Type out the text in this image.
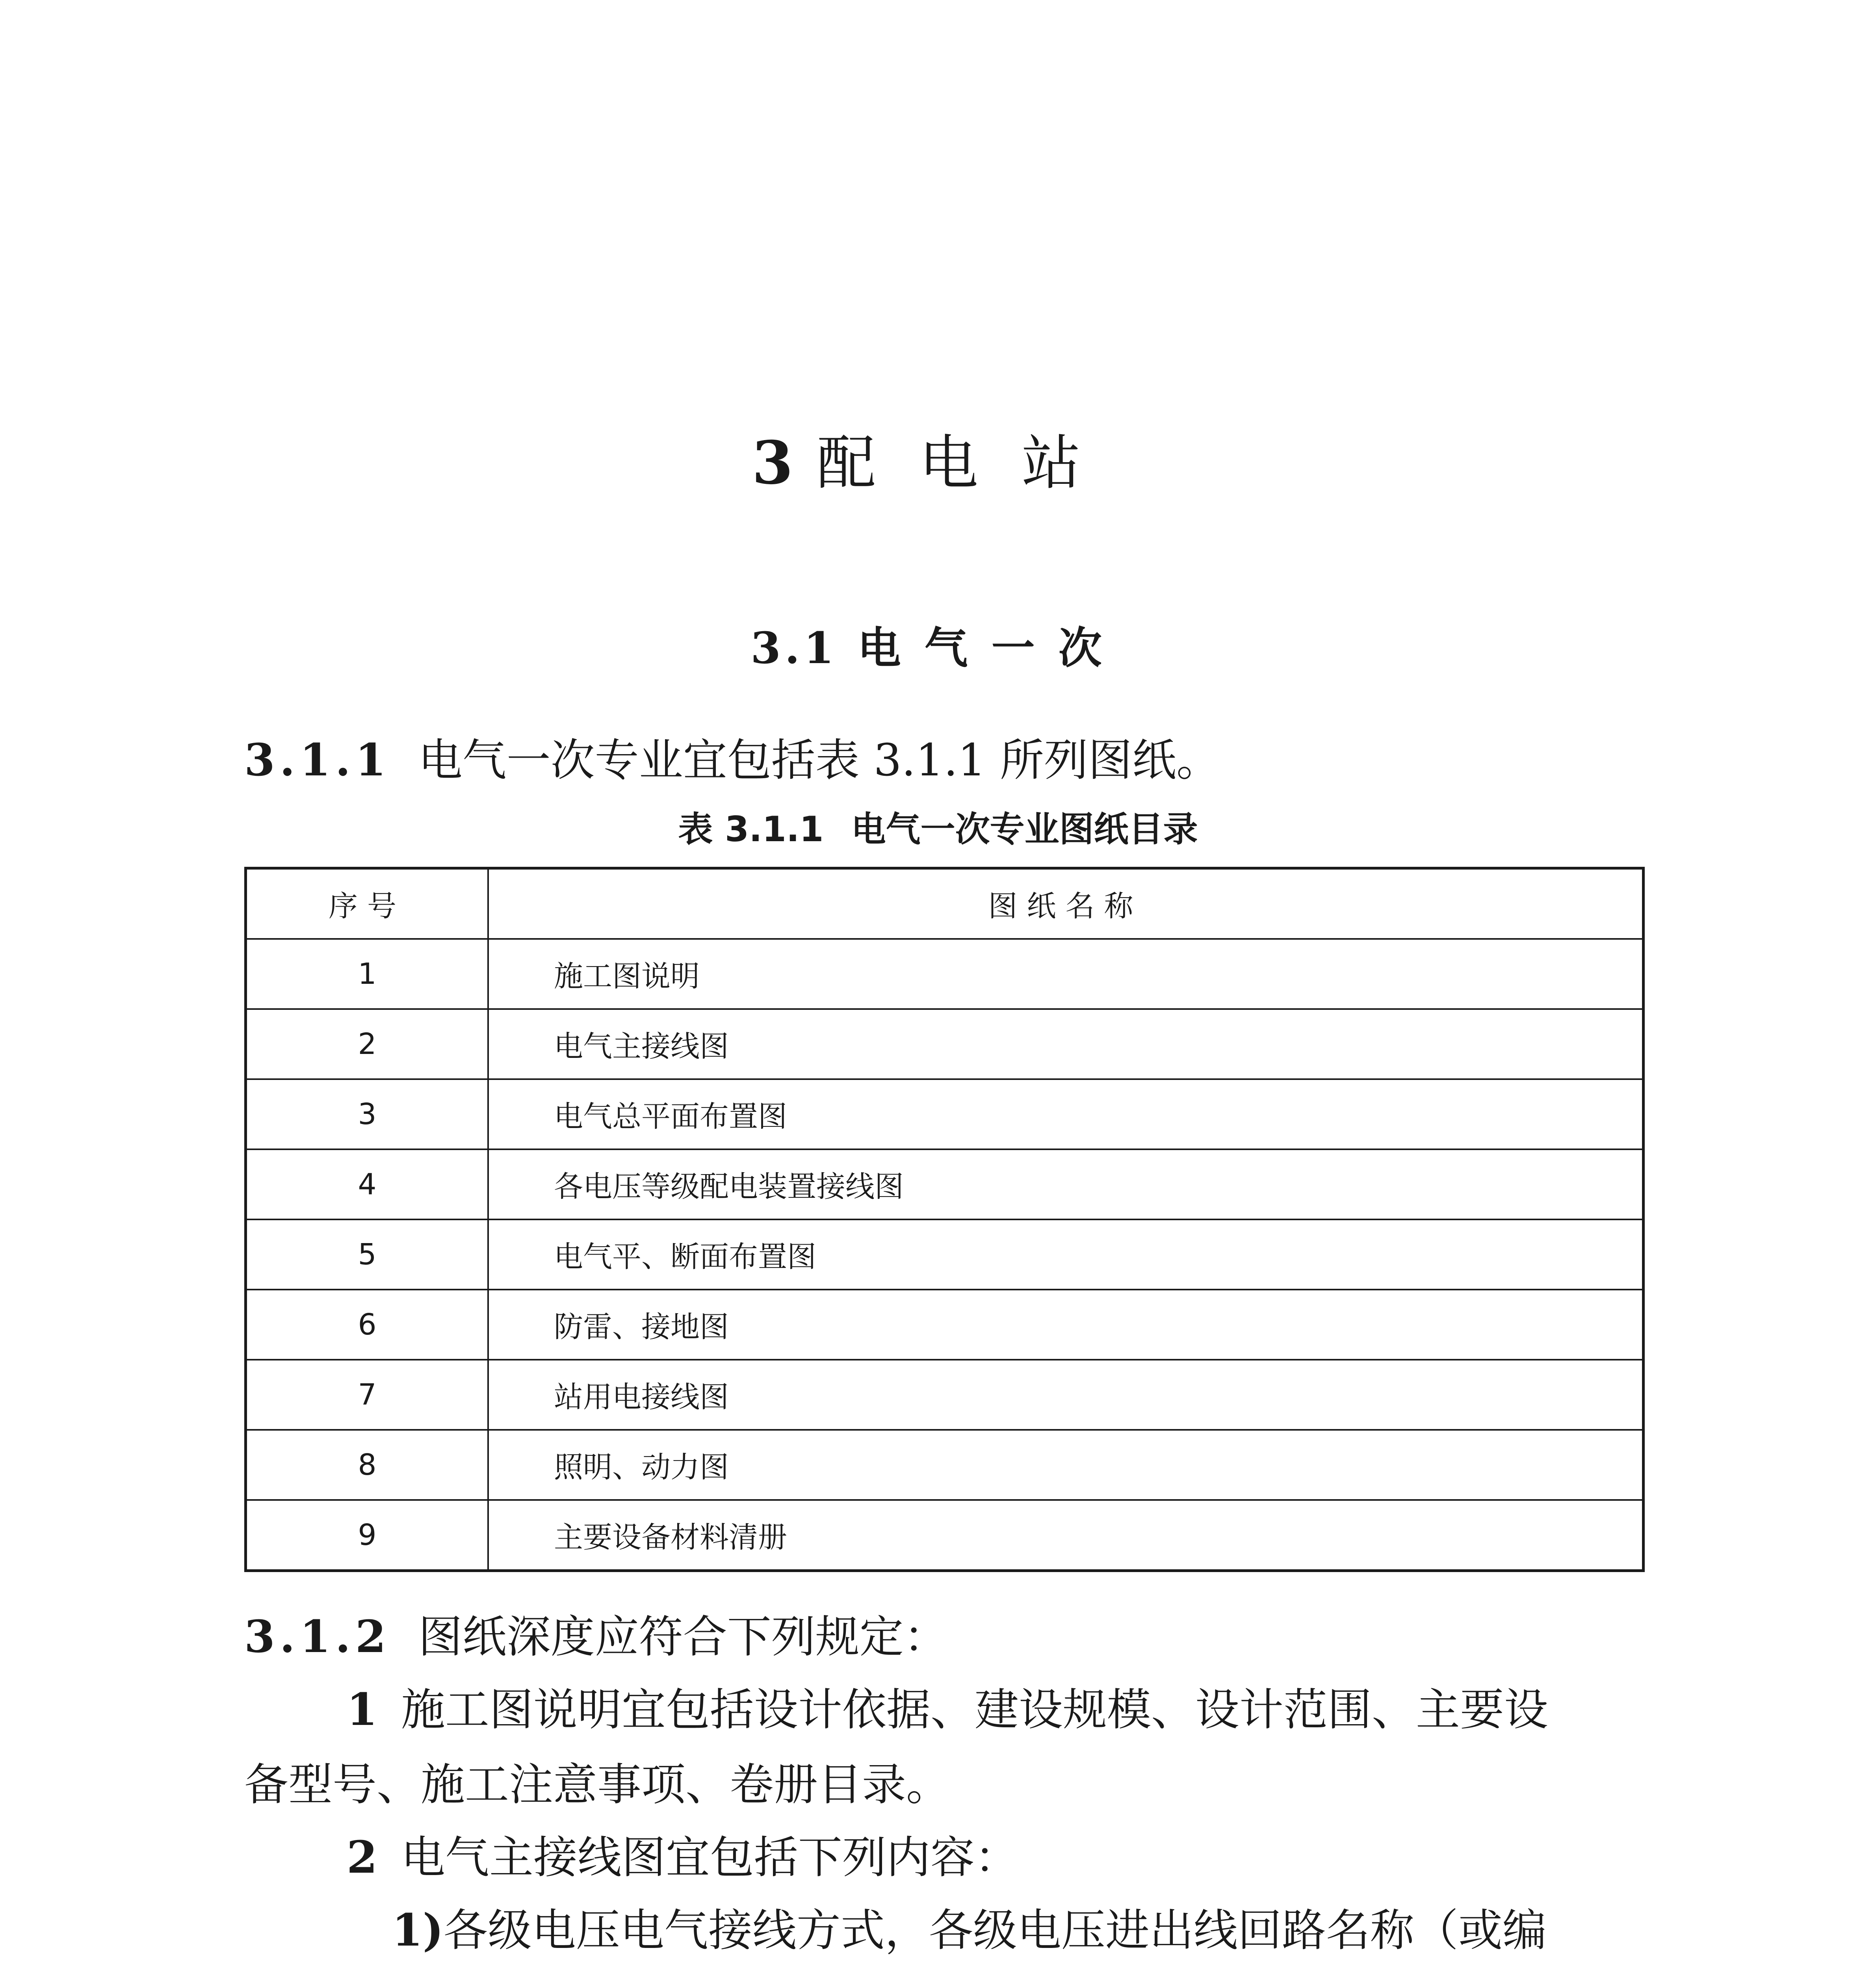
3 配电站
3.1 电气一次
3.1.1 电气一次专业宜包括表 3.1.1 所列图纸。
表 3.1.1 电气一次专业图纸目录
序号	图纸名称
1	施工图说明
2	电气主接线图
3	电气总平面布置图
4	各电压等级配电装置接线图
5	电气平、断面布置图
6	防雷、接地图
7	站用电接线图
8	照明、动力图
9	主要设备材料清册
3.1.2 图纸深度应符合下列规定：
1 施工图说明宜包括设计依据、建设规模、设计范围、主要设
备型号、施工注意事项、卷册目录。
2 电气主接线图宜包括下列内容：
1)各级电压电气接线方式，各级电压进出线回路名称（或编
